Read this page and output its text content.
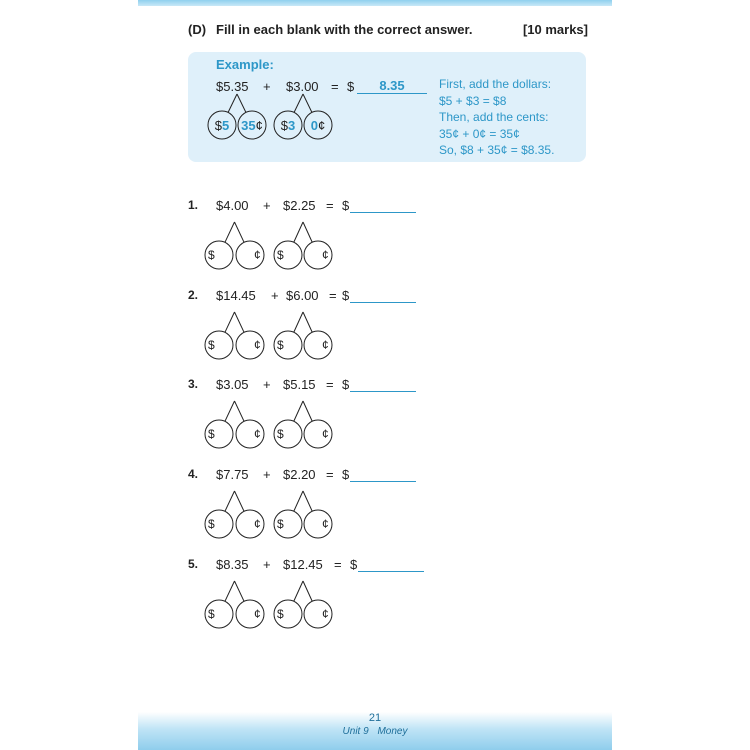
(D) Fill in each blank with the correct answer.	[10 marks]
Example:
$5.35 + $3.00 = $	8.35
$5 35¢ $3 0¢
First, add the dollars:
$5 + $3 = $8
Then, add the cents:
35¢ + 0¢ = 35¢
So, $8 + 35¢ = $8.35.
1. $4.00 + $2.25 = $
$	¢ $	¢
2. $14.45 + $6.00 = $
$	¢ $	¢
3. $3.05 + $5.15 = $
$	¢ $	¢
4. $7.75 + $2.20 = $
$	¢ $	¢
5. $8.35 + $12.45 = $
$	¢ $	¢
21
Unit 9 Money
